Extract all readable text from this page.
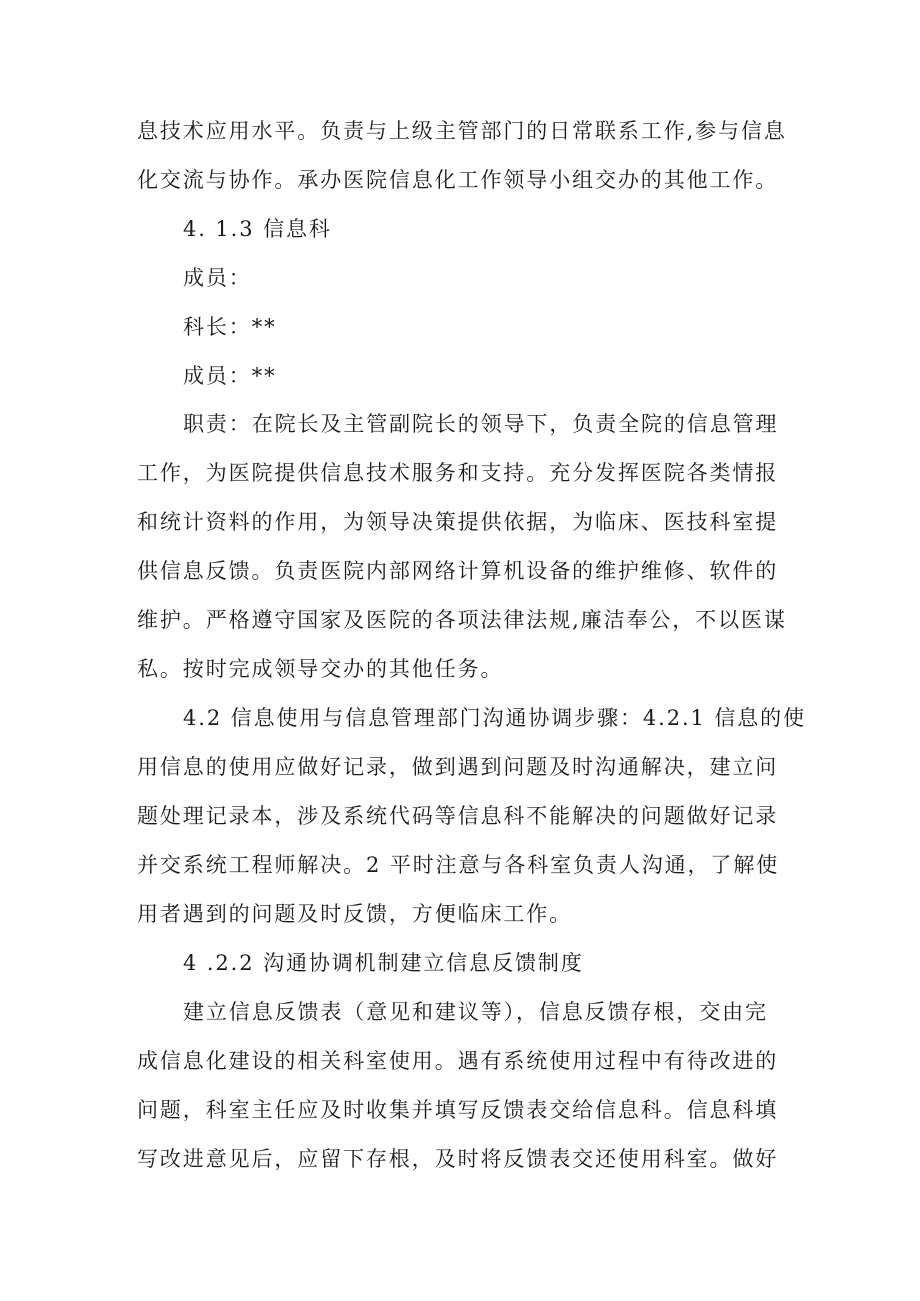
息技术应用水平。负责与上级主管部门的日常联系工作,参与信息

化交流与协作。承办医院信息化工作领导小组交办的其他工作。

4. 1.3 信息科

成员：

科长：**

成员：**

职责：在院长及主管副院长的领导下，负责全院的信息管理

工作，为医院提供信息技术服务和支持。充分发挥医院各类情报

和统计资料的作用，为领导决策提供依据，为临床、医技科室提

供信息反馈。负责医院内部网络计算机设备的维护维修、软件的

维护。严格遵守国家及医院的各项法律法规,廉洁奉公，不以医谋

私。按时完成领导交办的其他任务。

4.2 信息使用与信息管理部门沟通协调步骤：4.2.1 信息的使

用信息的使用应做好记录，做到遇到问题及时沟通解决，建立问

题处理记录本，涉及系统代码等信息科不能解决的问题做好记录

并交系统工程师解决。2 平时注意与各科室负责人沟通，了解使

用者遇到的问题及时反馈，方便临床工作。

4 .2.2 沟通协调机制建立信息反馈制度

建立信息反馈表（意见和建议等），信息反馈存根，交由完

成信息化建设的相关科室使用。遇有系统使用过程中有待改进的

问题，科室主任应及时收集并填写反馈表交给信息科。信息科填

写改进意见后，应留下存根，及时将反馈表交还使用科室。做好
